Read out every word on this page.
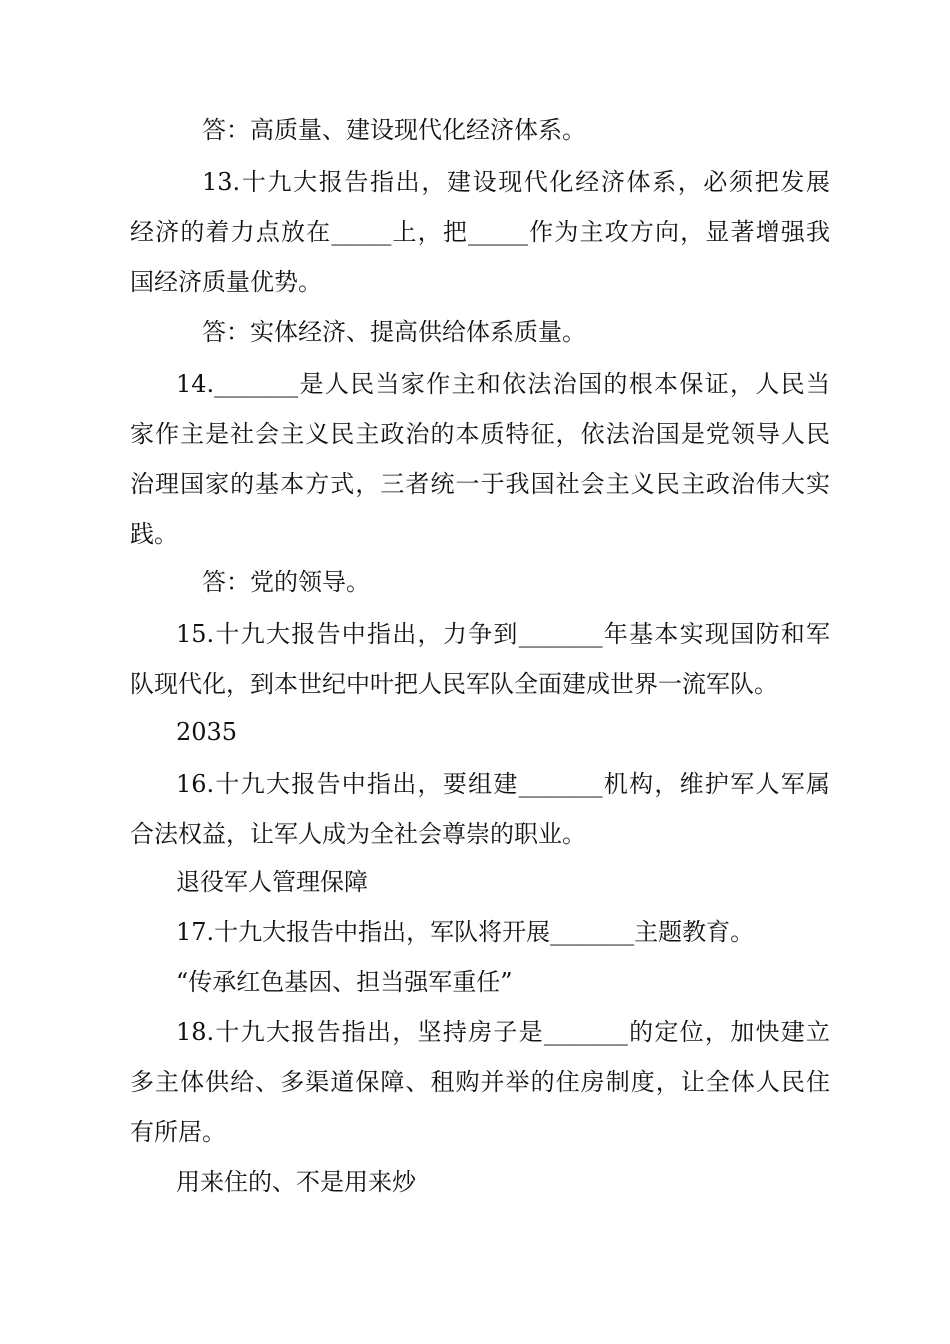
答：高质量、建设现代化经济体系。
13.十九大报告指出，建设现代化经济体系，必须把发展
经济的着力点放在_____上，把_____作为主攻方向，显著增强我
国经济质量优势。
答：实体经济、提高供给体系质量。
14._______是人民当家作主和依法治国的根本保证，人民当
家作主是社会主义民主政治的本质特征，依法治国是党领导人民
治理国家的基本方式，三者统一于我国社会主义民主政治伟大实
践。
答：党的领导。
15.十九大报告中指出，力争到_______年基本实现国防和军
队现代化，到本世纪中叶把人民军队全面建成世界一流军队。
2035
16.十九大报告中指出，要组建_______机构，维护军人军属
合法权益，让军人成为全社会尊崇的职业。
退役军人管理保障
17.十九大报告中指出，军队将开展_______主题教育。
“传承红色基因、担当强军重任”
18.十九大报告指出，坚持房子是_______的定位，加快建立
多主体供给、多渠道保障、租购并举的住房制度，让全体人民住
有所居。
用来住的、不是用来炒
